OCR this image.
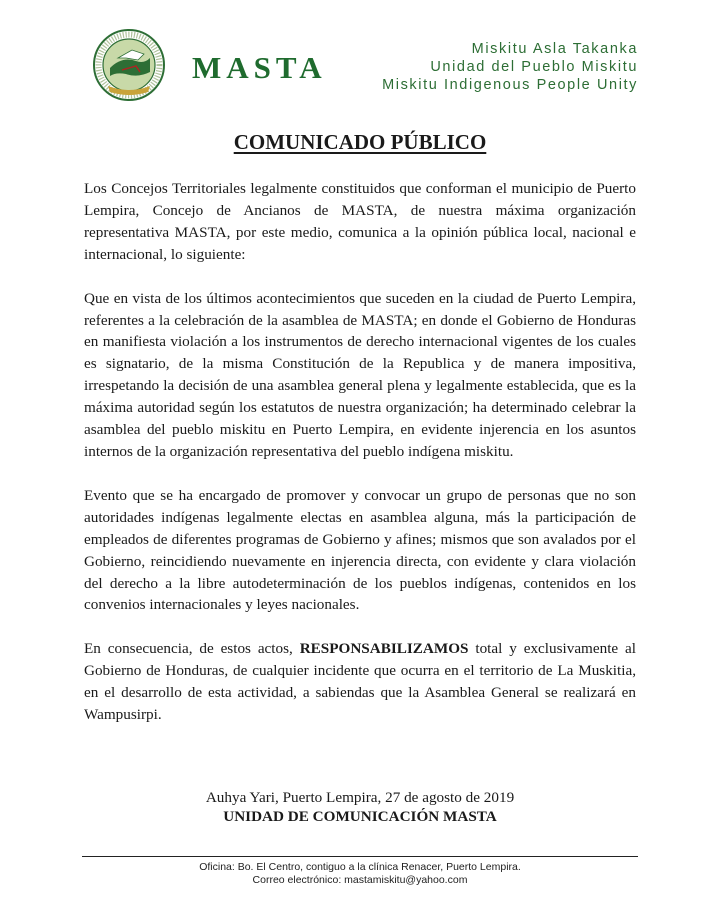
MASTA
Miskitu Asla Takanka
Unidad del Pueblo Miskitu
Miskitu Indigenous People Unity
COMUNICADO PÚBLICO

Los Concejos Territoriales legalmente constituidos que conforman el municipio de Puerto Lempira, Concejo de Ancianos de MASTA, de nuestra máxima organización representativa MASTA, por este medio, comunica a la opinión pública local, nacional e internacional, lo siguiente:

Que en vista de los últimos acontecimientos que suceden en la ciudad de Puerto Lempira, referentes a la celebración de la asamblea de MASTA; en donde el Gobierno de Honduras en manifiesta violación a los instrumentos de derecho internacional vigentes de los cuales es signatario, de la misma Constitución de la Republica y de manera impositiva, irrespetando la decisión de una asamblea general plena y legalmente establecida, que es la máxima autoridad según los estatutos de nuestra organización; ha determinado celebrar la asamblea del pueblo miskitu en Puerto Lempira, en evidente injerencia en los asuntos internos de la organización representativa del pueblo indígena miskitu.

Evento que se ha encargado de promover y convocar un grupo de personas que no son autoridades indígenas legalmente electas en asamblea alguna, más la participación de empleados de diferentes programas de Gobierno y afines; mismos que son avalados por el Gobierno, reincidiendo nuevamente en injerencia directa, con evidente y clara violación del derecho a la libre autodeterminación de los pueblos indígenas, contenidos en los convenios internacionales y leyes nacionales.

En consecuencia, de estos actos, RESPONSABILIZAMOS total y exclusivamente al Gobierno de Honduras, de cualquier incidente que ocurra en el territorio de La Muskitia, en el desarrollo de esta actividad, a sabiendas que la Asamblea General se realizará en Wampusirpi.

Auhya Yari, Puerto Lempira, 27 de agosto de 2019
UNIDAD DE COMUNICACIÓN MASTA
Oficina: Bo. El Centro, contiguo a la clínica Renacer, Puerto Lempira.
Correo electrónico: mastamiskitu@yahoo.com
